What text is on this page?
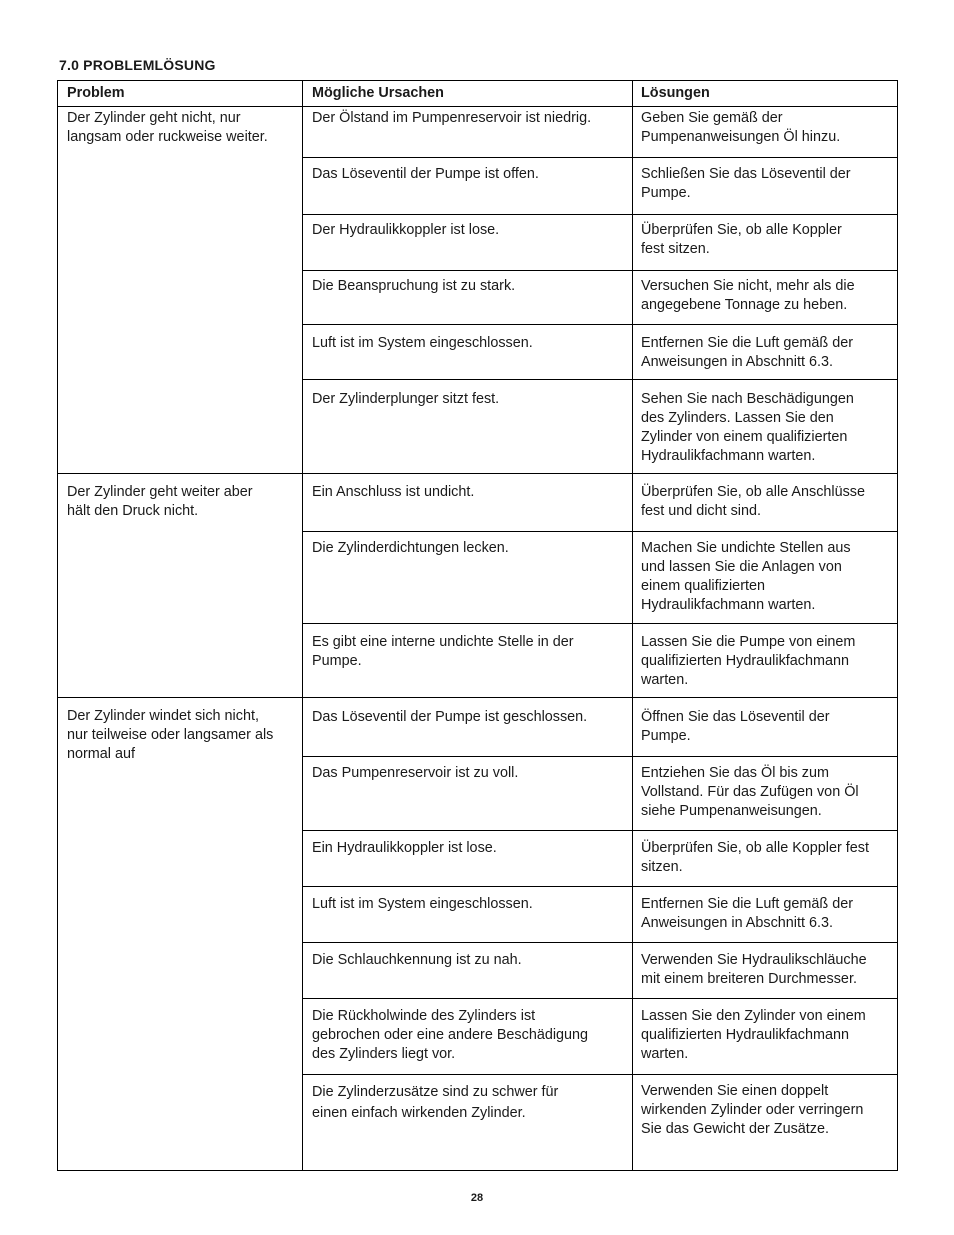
7.0 PROBLEMLÖSUNG
Problem	Mögliche Ursachen	Lösungen
Der Zylinder geht nicht, nur
langsam oder ruckweise weiter.
Der Zylinder geht weiter aber
hält den Druck nicht.
Der Zylinder windet sich nicht,
nur teilweise oder langsamer als
normal auf
Der Ölstand im Pumpenreservoir ist niedrig.
Das Löseventil der Pumpe ist offen.
Der Hydraulikkoppler ist lose.
Die Beanspruchung ist zu stark.
Luft ist im System eingeschlossen.
Der Zylinderplunger sitzt fest.
Ein Anschluss ist undicht.
Die Zylinderdichtungen lecken.
Es gibt eine interne undichte Stelle in der
Pumpe.
Das Löseventil der Pumpe ist geschlossen.
Das Pumpenreservoir ist zu voll.
Ein Hydraulikkoppler ist lose.
Luft ist im System eingeschlossen.
Die Schlauchkennung ist zu nah.
Die Rückholwinde des Zylinders ist
gebrochen oder eine andere Beschädigung
des Zylinders liegt vor.
Die Zylinderzusätze sind zu schwer für
einen einfach wirkenden Zylinder.
Geben Sie gemäß der
Pumpenanweisungen Öl hinzu.
Schließen Sie das Löseventil der
Pumpe.
Überprüfen Sie, ob alle Koppler
fest sitzen.
Versuchen Sie nicht, mehr als die
angegebene Tonnage zu heben.
Entfernen Sie die Luft gemäß der
Anweisungen in Abschnitt 6.3.
Sehen Sie nach Beschädigungen
des Zylinders. Lassen Sie den
Zylinder von einem qualifizierten
Hydraulikfachmann warten.
Überprüfen Sie, ob alle Anschlüsse
fest und dicht sind.
Machen Sie undichte Stellen aus
und lassen Sie die Anlagen von
einem qualifizierten
Hydraulikfachmann warten.
Lassen Sie die Pumpe von einem
qualifizierten Hydraulikfachmann
warten.
Öffnen Sie das Löseventil der
Pumpe.
Entziehen Sie das Öl bis zum
Vollstand. Für das Zufügen von Öl
siehe Pumpenanweisungen.
Überprüfen Sie, ob alle Koppler fest
sitzen.
Entfernen Sie die Luft gemäß der
Anweisungen in Abschnitt 6.3.
Verwenden Sie Hydraulikschläuche
mit einem breiteren Durchmesser.
Lassen Sie den Zylinder von einem
qualifizierten Hydraulikfachmann
warten.
Verwenden Sie einen doppelt
wirkenden Zylinder oder verringern
Sie das Gewicht der Zusätze.
28
